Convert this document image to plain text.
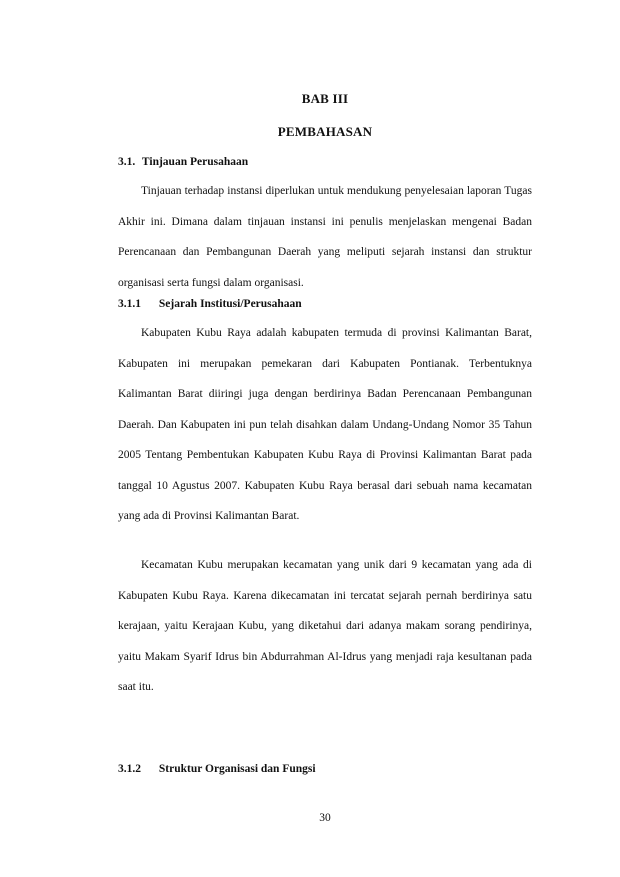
BAB III
PEMBAHASAN
3.1. Tinjauan Perusahaan
Tinjauan terhadap instansi diperlukan untuk mendukung penyelesaian laporan Tugas Akhir ini. Dimana dalam tinjauan instansi ini penulis menjelaskan mengenai Badan Perencanaan dan Pembangunan Daerah yang meliputi sejarah instansi dan struktur organisasi serta fungsi dalam organisasi.
3.1.1 Sejarah Institusi/Perusahaan
Kabupaten Kubu Raya adalah kabupaten termuda di provinsi Kalimantan Barat, Kabupaten ini merupakan pemekaran dari Kabupaten Pontianak. Terbentuknya Kalimantan Barat diiringi juga dengan berdirinya Badan Perencanaan Pembangunan Daerah. Dan Kabupaten ini pun telah disahkan dalam Undang-Undang Nomor 35 Tahun 2005 Tentang Pembentukan Kabupaten Kubu Raya di Provinsi Kalimantan Barat pada tanggal 10 Agustus 2007. Kabupaten Kubu Raya berasal dari sebuah nama kecamatan yang ada di Provinsi Kalimantan Barat.
Kecamatan Kubu merupakan kecamatan yang unik dari 9 kecamatan yang ada di Kabupaten Kubu Raya. Karena dikecamatan ini tercatat sejarah pernah berdirinya satu kerajaan, yaitu Kerajaan Kubu, yang diketahui dari adanya makam sorang pendirinya, yaitu Makam Syarif Idrus bin Abdurrahman Al-Idrus yang menjadi raja kesultanan pada saat itu.
3.1.2 Struktur Organisasi dan Fungsi
30
